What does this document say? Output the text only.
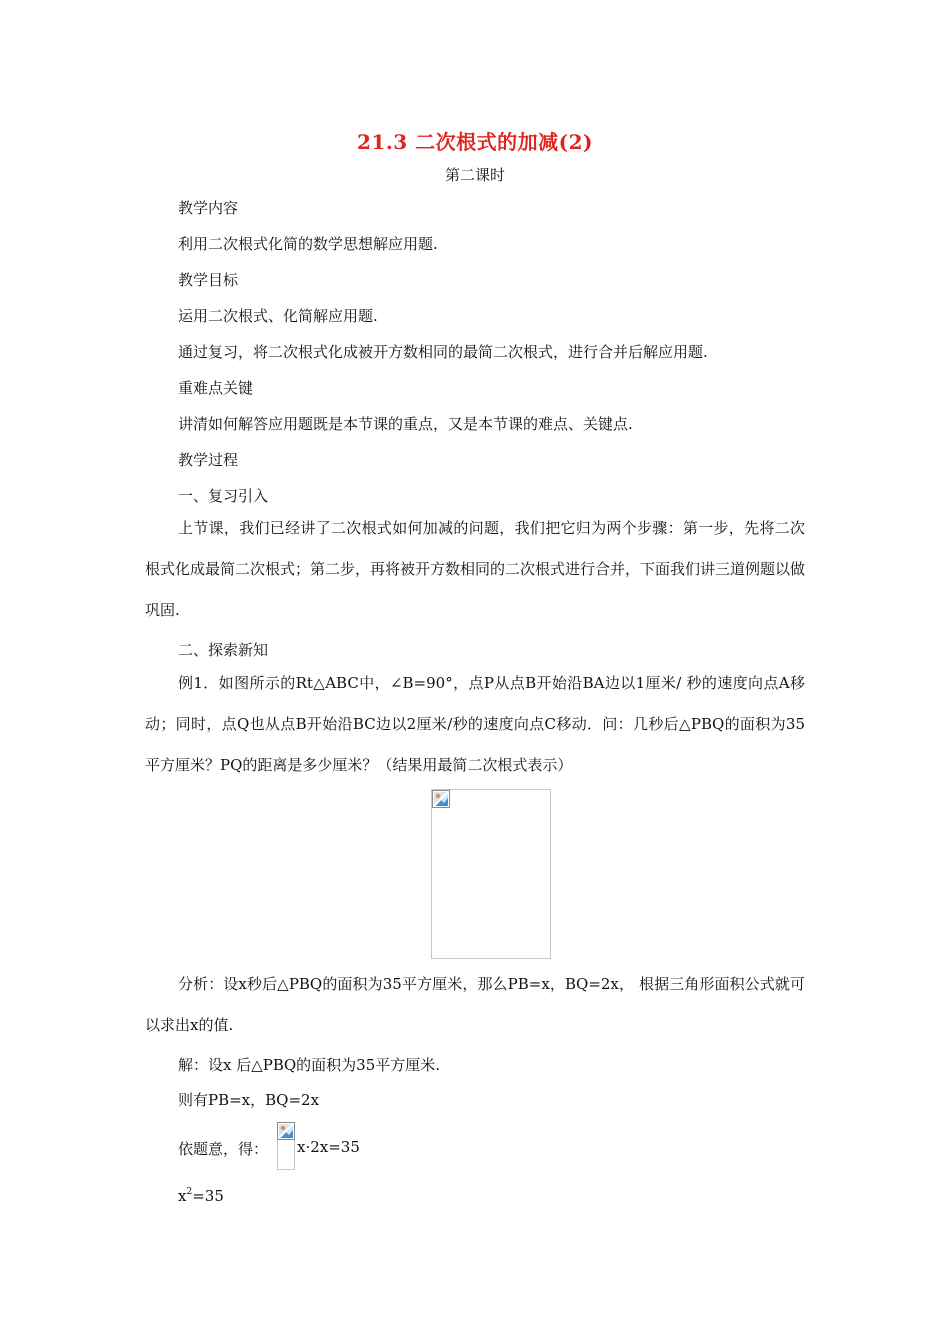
21.3 二次根式的加减(2)
第二课时
教学内容
利用二次根式化简的数学思想解应用题.
教学目标
运用二次根式、化简解应用题.
通过复习，将二次根式化成被开方数相同的最简二次根式，进行合并后解应用题.
重难点关键
讲清如何解答应用题既是本节课的重点，又是本节课的难点、关键点.
教学过程
一、复习引入
上节课，我们已经讲了二次根式如何加减的问题，我们把它归为两个步骤：第一步，先将二次根式化成最简二次根式；第二步，再将被开方数相同的二次根式进行合并，下面我们讲三道例题以做巩固.
二、探索新知
例1．如图所示的Rt△ABC中，∠B=90°，点P从点B开始沿BA边以1厘米/ 秒的速度向点A移动；同时，点Q也从点B开始沿BC边以2厘米/秒的速度向点C移动．问：几秒后△PBQ的面积为35平方厘米？PQ的距离是多少厘米？（结果用最简二次根式表示）
分析：设x秒后△PBQ的面积为35平方厘米，那么PB=x，BQ=2x， 根据三角形面积公式就可以求出x的值.
解：设x 后△PBQ的面积为35平方厘米.
则有PB=x，BQ=2x
依题意，得： x·2x=35
$x^2=35$
